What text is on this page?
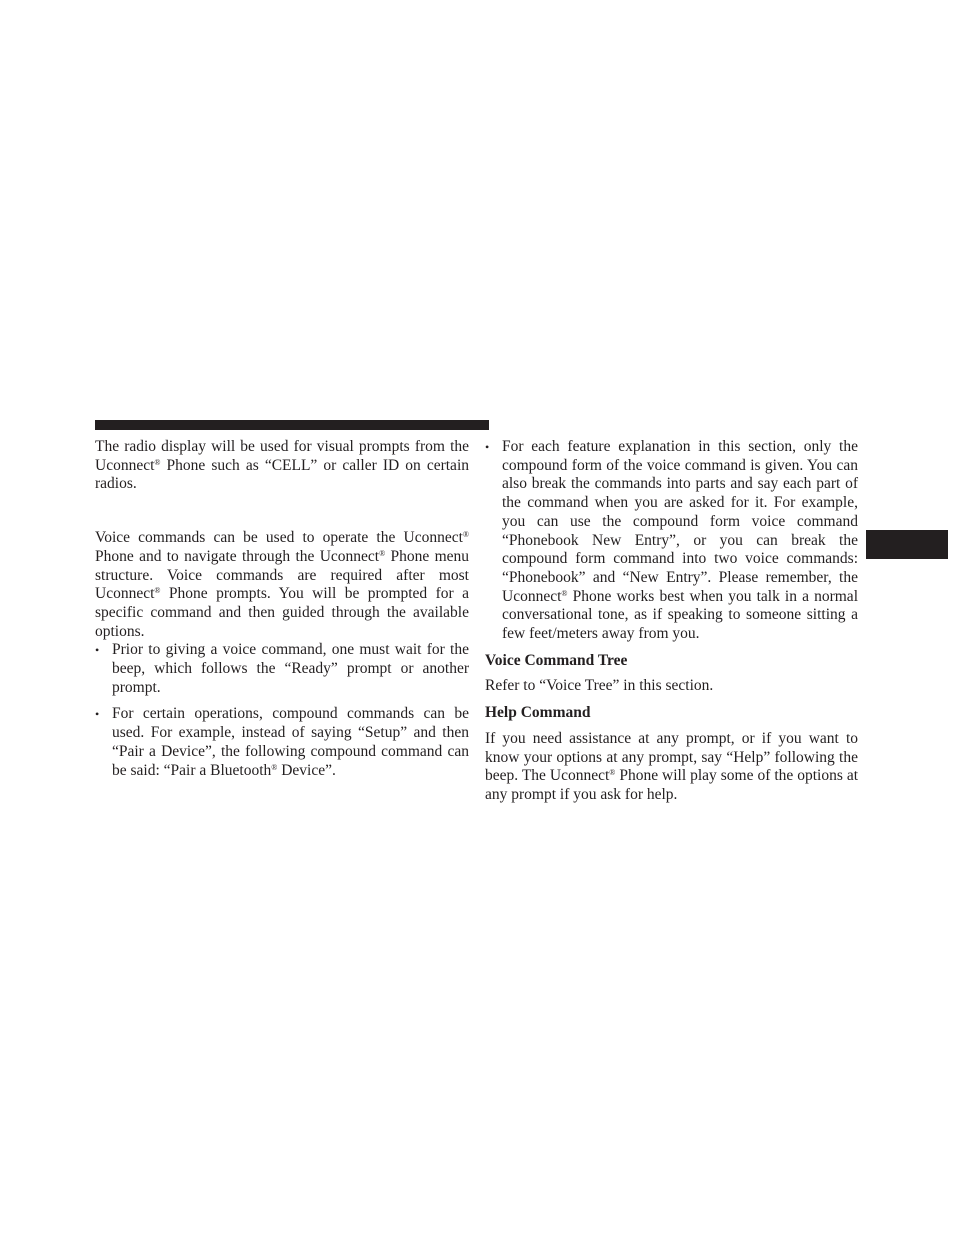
The radio display will be used for visual prompts from the Uconnect® Phone such as “CELL” or caller ID on certain radios.

Voice commands can be used to operate the Uconnect® Phone and to navigate through the Uconnect® Phone menu structure. Voice commands are required after most Uconnect® Phone prompts. You will be prompted for a specific command and then guided through the available options.

• Prior to giving a voice command, one must wait for the beep, which follows the “Ready” prompt or another prompt.
• For certain operations, compound commands can be used. For example, instead of saying “Setup” and then “Pair a Device”, the following compound command can be said: “Pair a Bluetooth® Device”.
• For each feature explanation in this section, only the compound form of the voice command is given. You can also break the commands into parts and say each part of the command when you are asked for it. For example, you can use the compound form voice command “Phonebook New Entry”, or you can break the compound form command into two voice commands: “Phonebook” and “New Entry”. Please remember, the Uconnect® Phone works best when you talk in a normal conversational tone, as if speaking to someone sitting a few feet/meters away from you.

Voice Command Tree

Refer to “Voice Tree” in this section.

Help Command

If you need assistance at any prompt, or if you want to know your options at any prompt, say “Help” following the beep. The Uconnect® Phone will play some of the options at any prompt if you ask for help.
